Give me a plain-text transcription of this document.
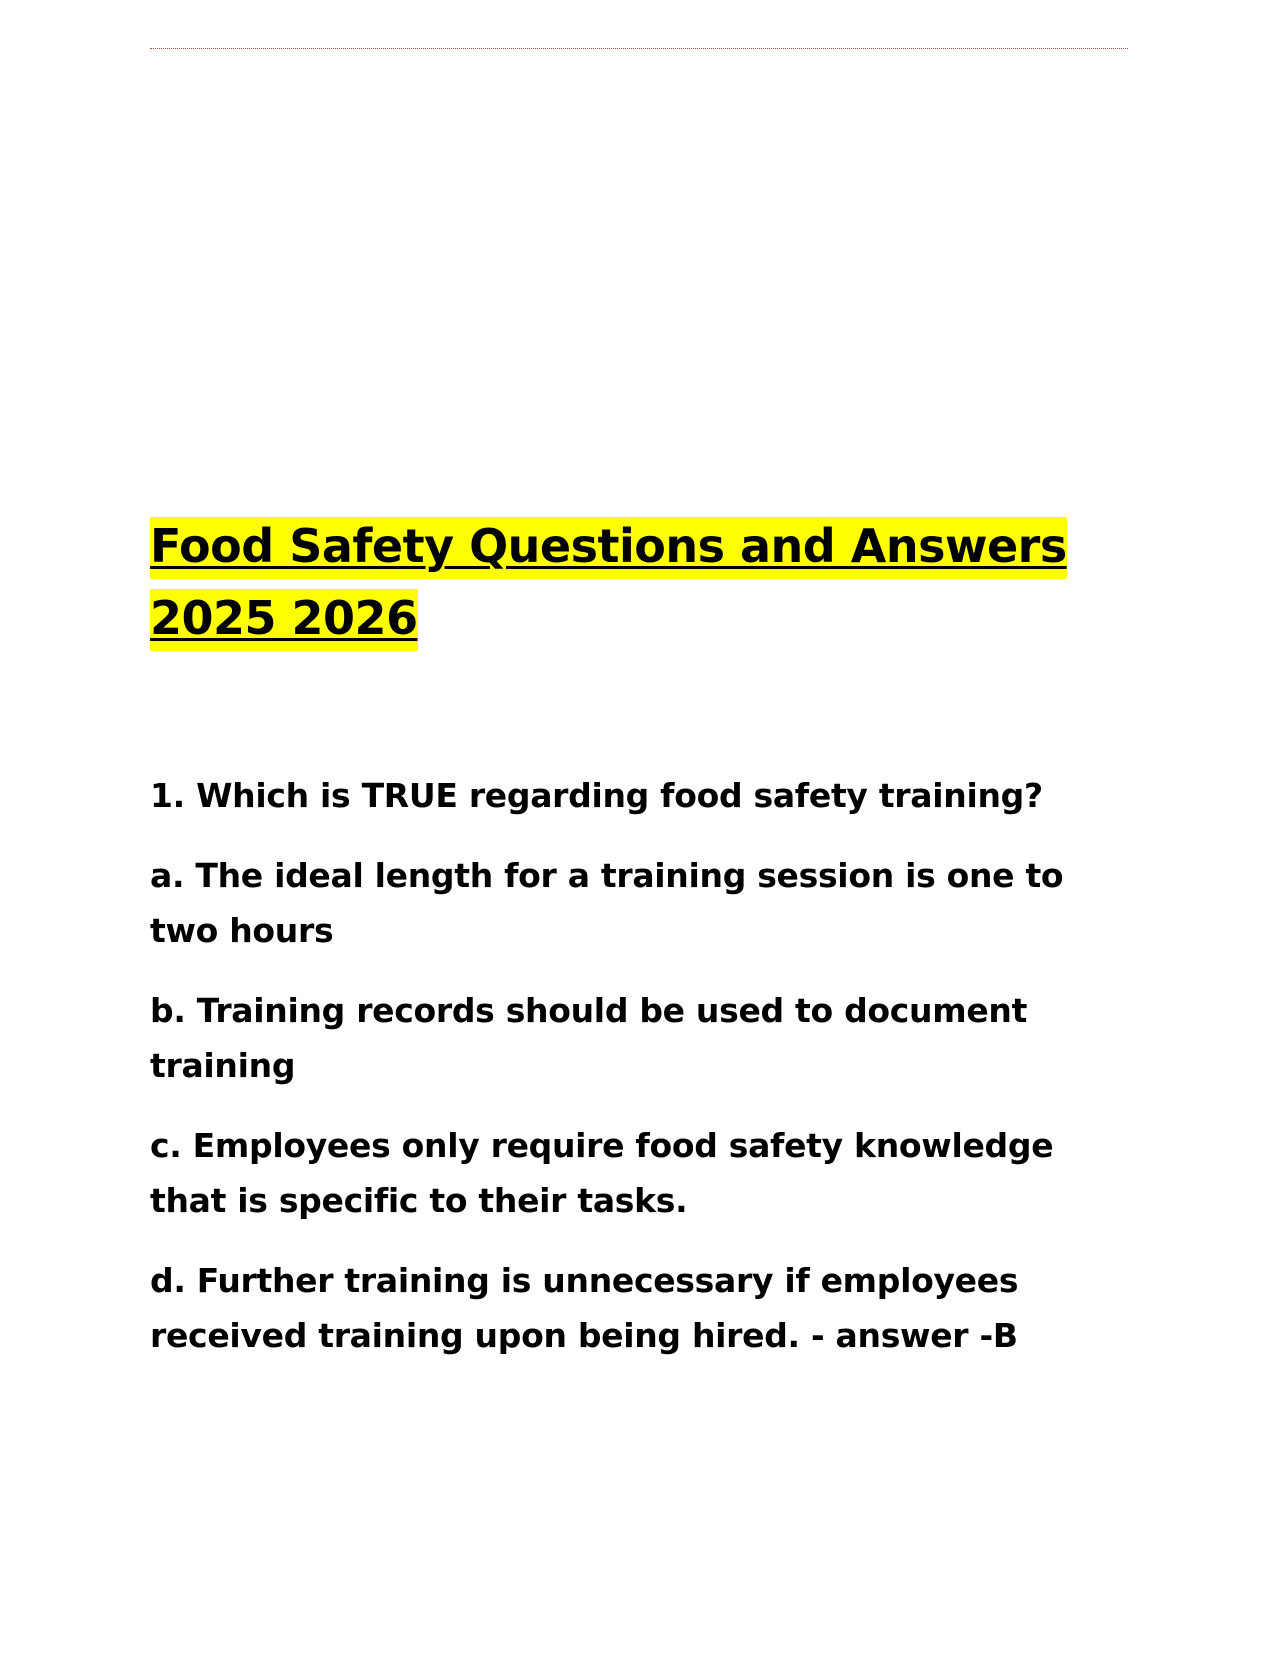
Food Safety Questions and Answers 2025 2026

1. Which is TRUE regarding food safety training?

a. The ideal length for a training session is one to two hours

b. Training records should be used to document training

c. Employees only require food safety knowledge that is specific to their tasks.

d. Further training is unnecessary if employees received training upon being hired. - answer -B
